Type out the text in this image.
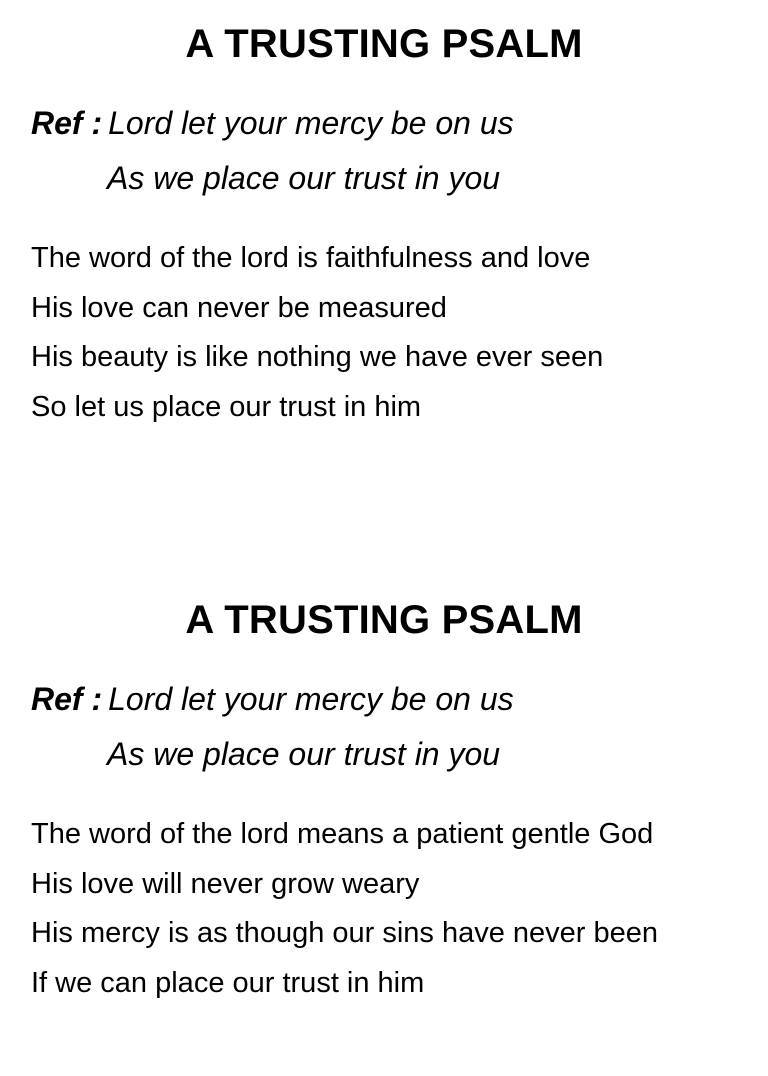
A TRUSTING PSALM
Ref : Lord let your mercy be on us
As we place our trust in you
The word of the lord is faithfulness and love
His love can never be measured
His beauty is like nothing we have ever seen
So let us place our trust in him
A TRUSTING PSALM
Ref : Lord let your mercy be on us
As we place our trust in you
The word of the lord means a patient gentle God
His love will never grow weary
His mercy is as though our sins have never been
If we can place our trust in him
